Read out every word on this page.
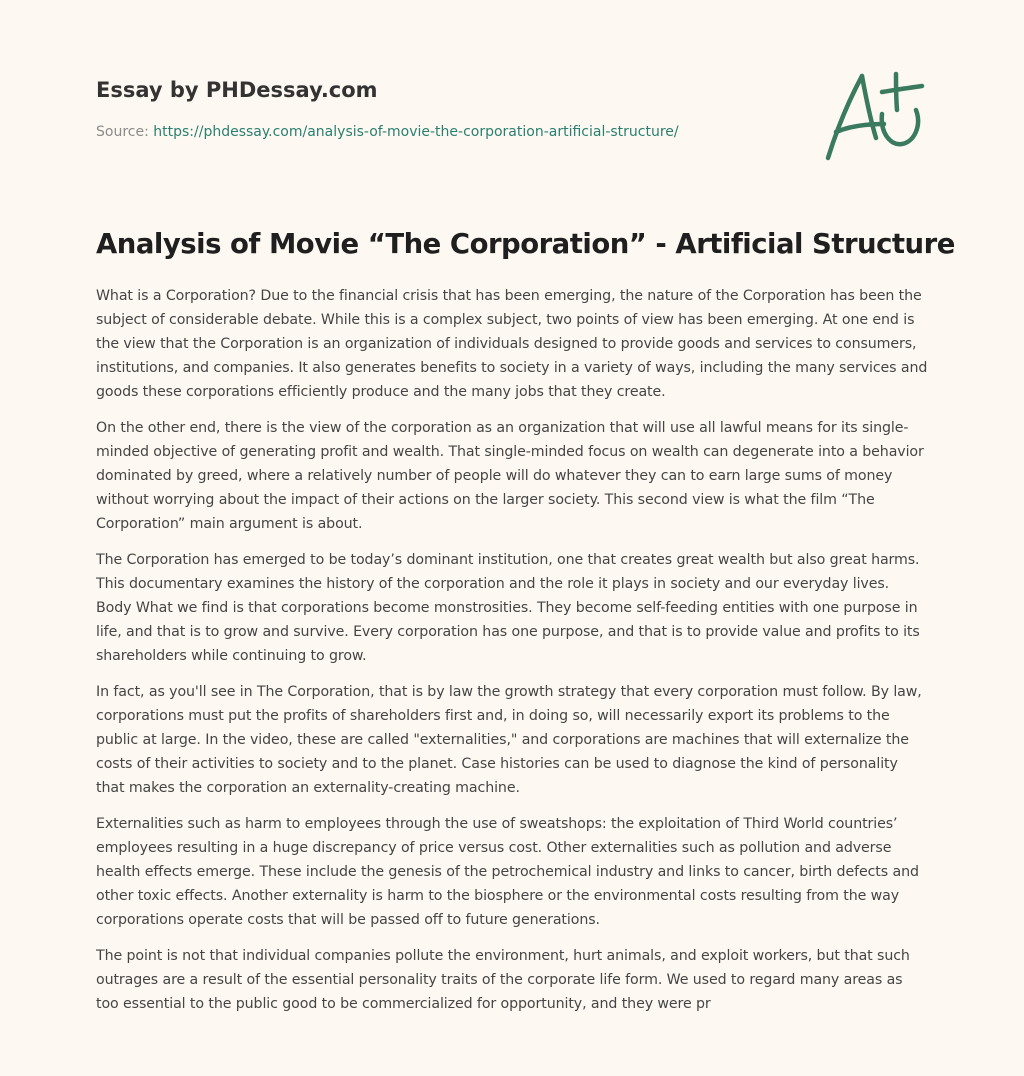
Essay by PHDessay.com
Source: https://phdessay.com/analysis-of-movie-the-corporation-artificial-structure/
Analysis of Movie “The Corporation” - Artificial Structure

What is a Corporation? Due to the financial crisis that has been emerging, the nature of the Corporation has been the subject of considerable debate. While this is a complex subject, two points of view has been emerging. At one end is the view that the Corporation is an organization of individuals designed to provide goods and services to consumers, institutions, and companies. It also generates benefits to society in a variety of ways, including the many services and goods these corporations efficiently produce and the many jobs that they create.

On the other end, there is the view of the corporation as an organization that will use all lawful means for its single-minded objective of generating profit and wealth. That single-minded focus on wealth can degenerate into a behavior dominated by greed, where a relatively number of people will do whatever they can to earn large sums of money without worrying about the impact of their actions on the larger society. This second view is what the film “The Corporation” main argument is about.

The Corporation has emerged to be today’s dominant institution, one that creates great wealth but also great harms. This documentary examines the history of the corporation and the role it plays in society and our everyday lives. Body What we find is that corporations become monstrosities. They become self-feeding entities with one purpose in life, and that is to grow and survive. Every corporation has one purpose, and that is to provide value and profits to its shareholders while continuing to grow.

In fact, as you'll see in The Corporation, that is by law the growth strategy that every corporation must follow. By law, corporations must put the profits of shareholders first and, in doing so, will necessarily export its problems to the public at large. In the video, these are called "externalities," and corporations are machines that will externalize the costs of their activities to society and to the planet. Case histories can be used to diagnose the kind of personality that makes the corporation an externality-creating machine.

Externalities such as harm to employees through the use of sweatshops: the exploitation of Third World countries’ employees resulting in a huge discrepancy of price versus cost. Other externalities such as pollution and adverse health effects emerge. These include the genesis of the petrochemical industry and links to cancer, birth defects and other toxic effects. Another externality is harm to the biosphere or the environmental costs resulting from the way corporations operate costs that will be passed off to future generations.

The point is not that individual companies pollute the environment, hurt animals, and exploit workers, but that such outrages are a result of the essential personality traits of the corporate life form. We used to regard many areas as too essential to the public good to be commercialized for opportunity, and they were pr
